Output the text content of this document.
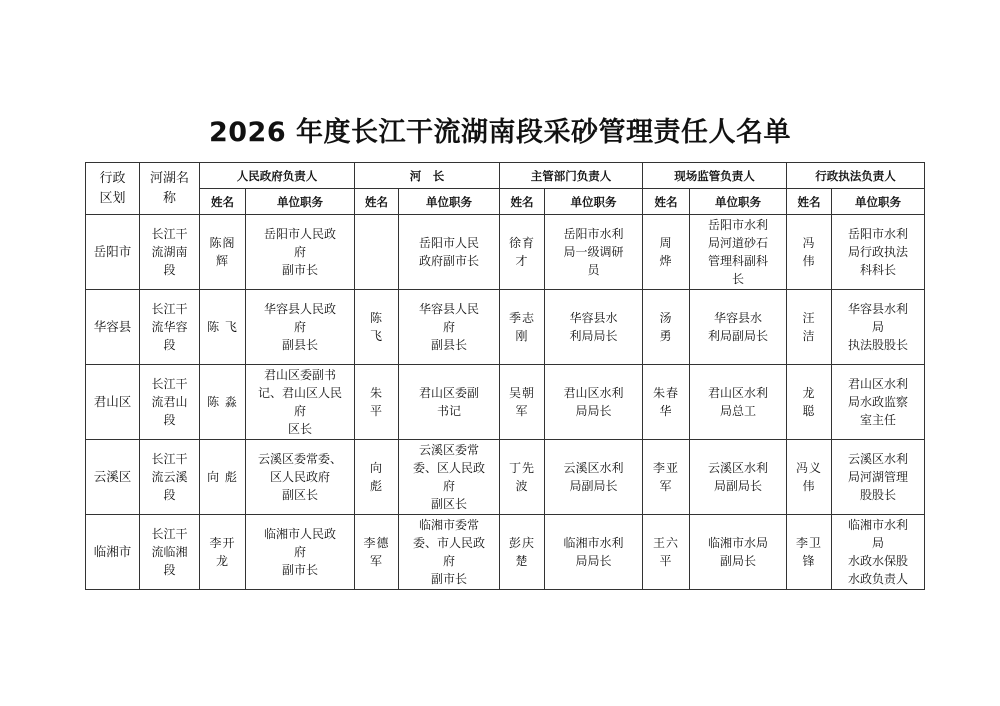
2026 年度长江干流湖南段采砂管理责任人名单
行政
区划	河湖名
称	人民政府负责人		河　长		主管部门负责人		现场监管负责人		行政执法负责人	
		姓名	单位职务	姓名	单位职务	姓名	单位职务	姓名	单位职务	姓名	单位职务
岳阳市	长江干
流湖南
段	陈阁
辉	岳阳市人民政
府
副市长		岳阳市人民
政府副市长	徐育
才	岳阳市水利
局一级调研
员	周
烨	岳阳市水利
局河道砂石
管理科副科
长	冯
伟	岳阳市水利
局行政执法
科科长
华容县	长江干
流华容
段	陈 飞	华容县人民政
府
副县长	陈
飞	华容县人民
府
副县长	季志
刚	华容县水
利局局长	汤
勇	华容县水
利局副局长	汪
洁	华容县水利
局
执法股股长
君山区	长江干
流君山
段	陈 淼	君山区委副书
记、君山区人民
府
区长	朱
平	君山区委副
书记	吴朝
军	君山区水利
局局长	朱春
华	君山区水利
局总工	龙
聪	君山区水利
局水政监察
室主任
云溪区	长江干
流云溪
段	向 彪	云溪区委常委、
区人民政府
副区长	向
彪	云溪区委常
委、区人民政
府
副区长	丁先
波	云溪区水利
局副局长	李亚
军	云溪区水利
局副局长	冯义
伟	云溪区水利
局河湖管理
股股长
临湘市	长江干
流临湘
段	李开
龙	临湘市人民政
府
副市长	李德
军	临湘市委常
委、市人民政
府
副市长	彭庆
楚	临湘市水利
局局长	王六
平	临湘市水局
副局长	李卫
锋	临湘市水利
局
水政水保股
水政负责人
